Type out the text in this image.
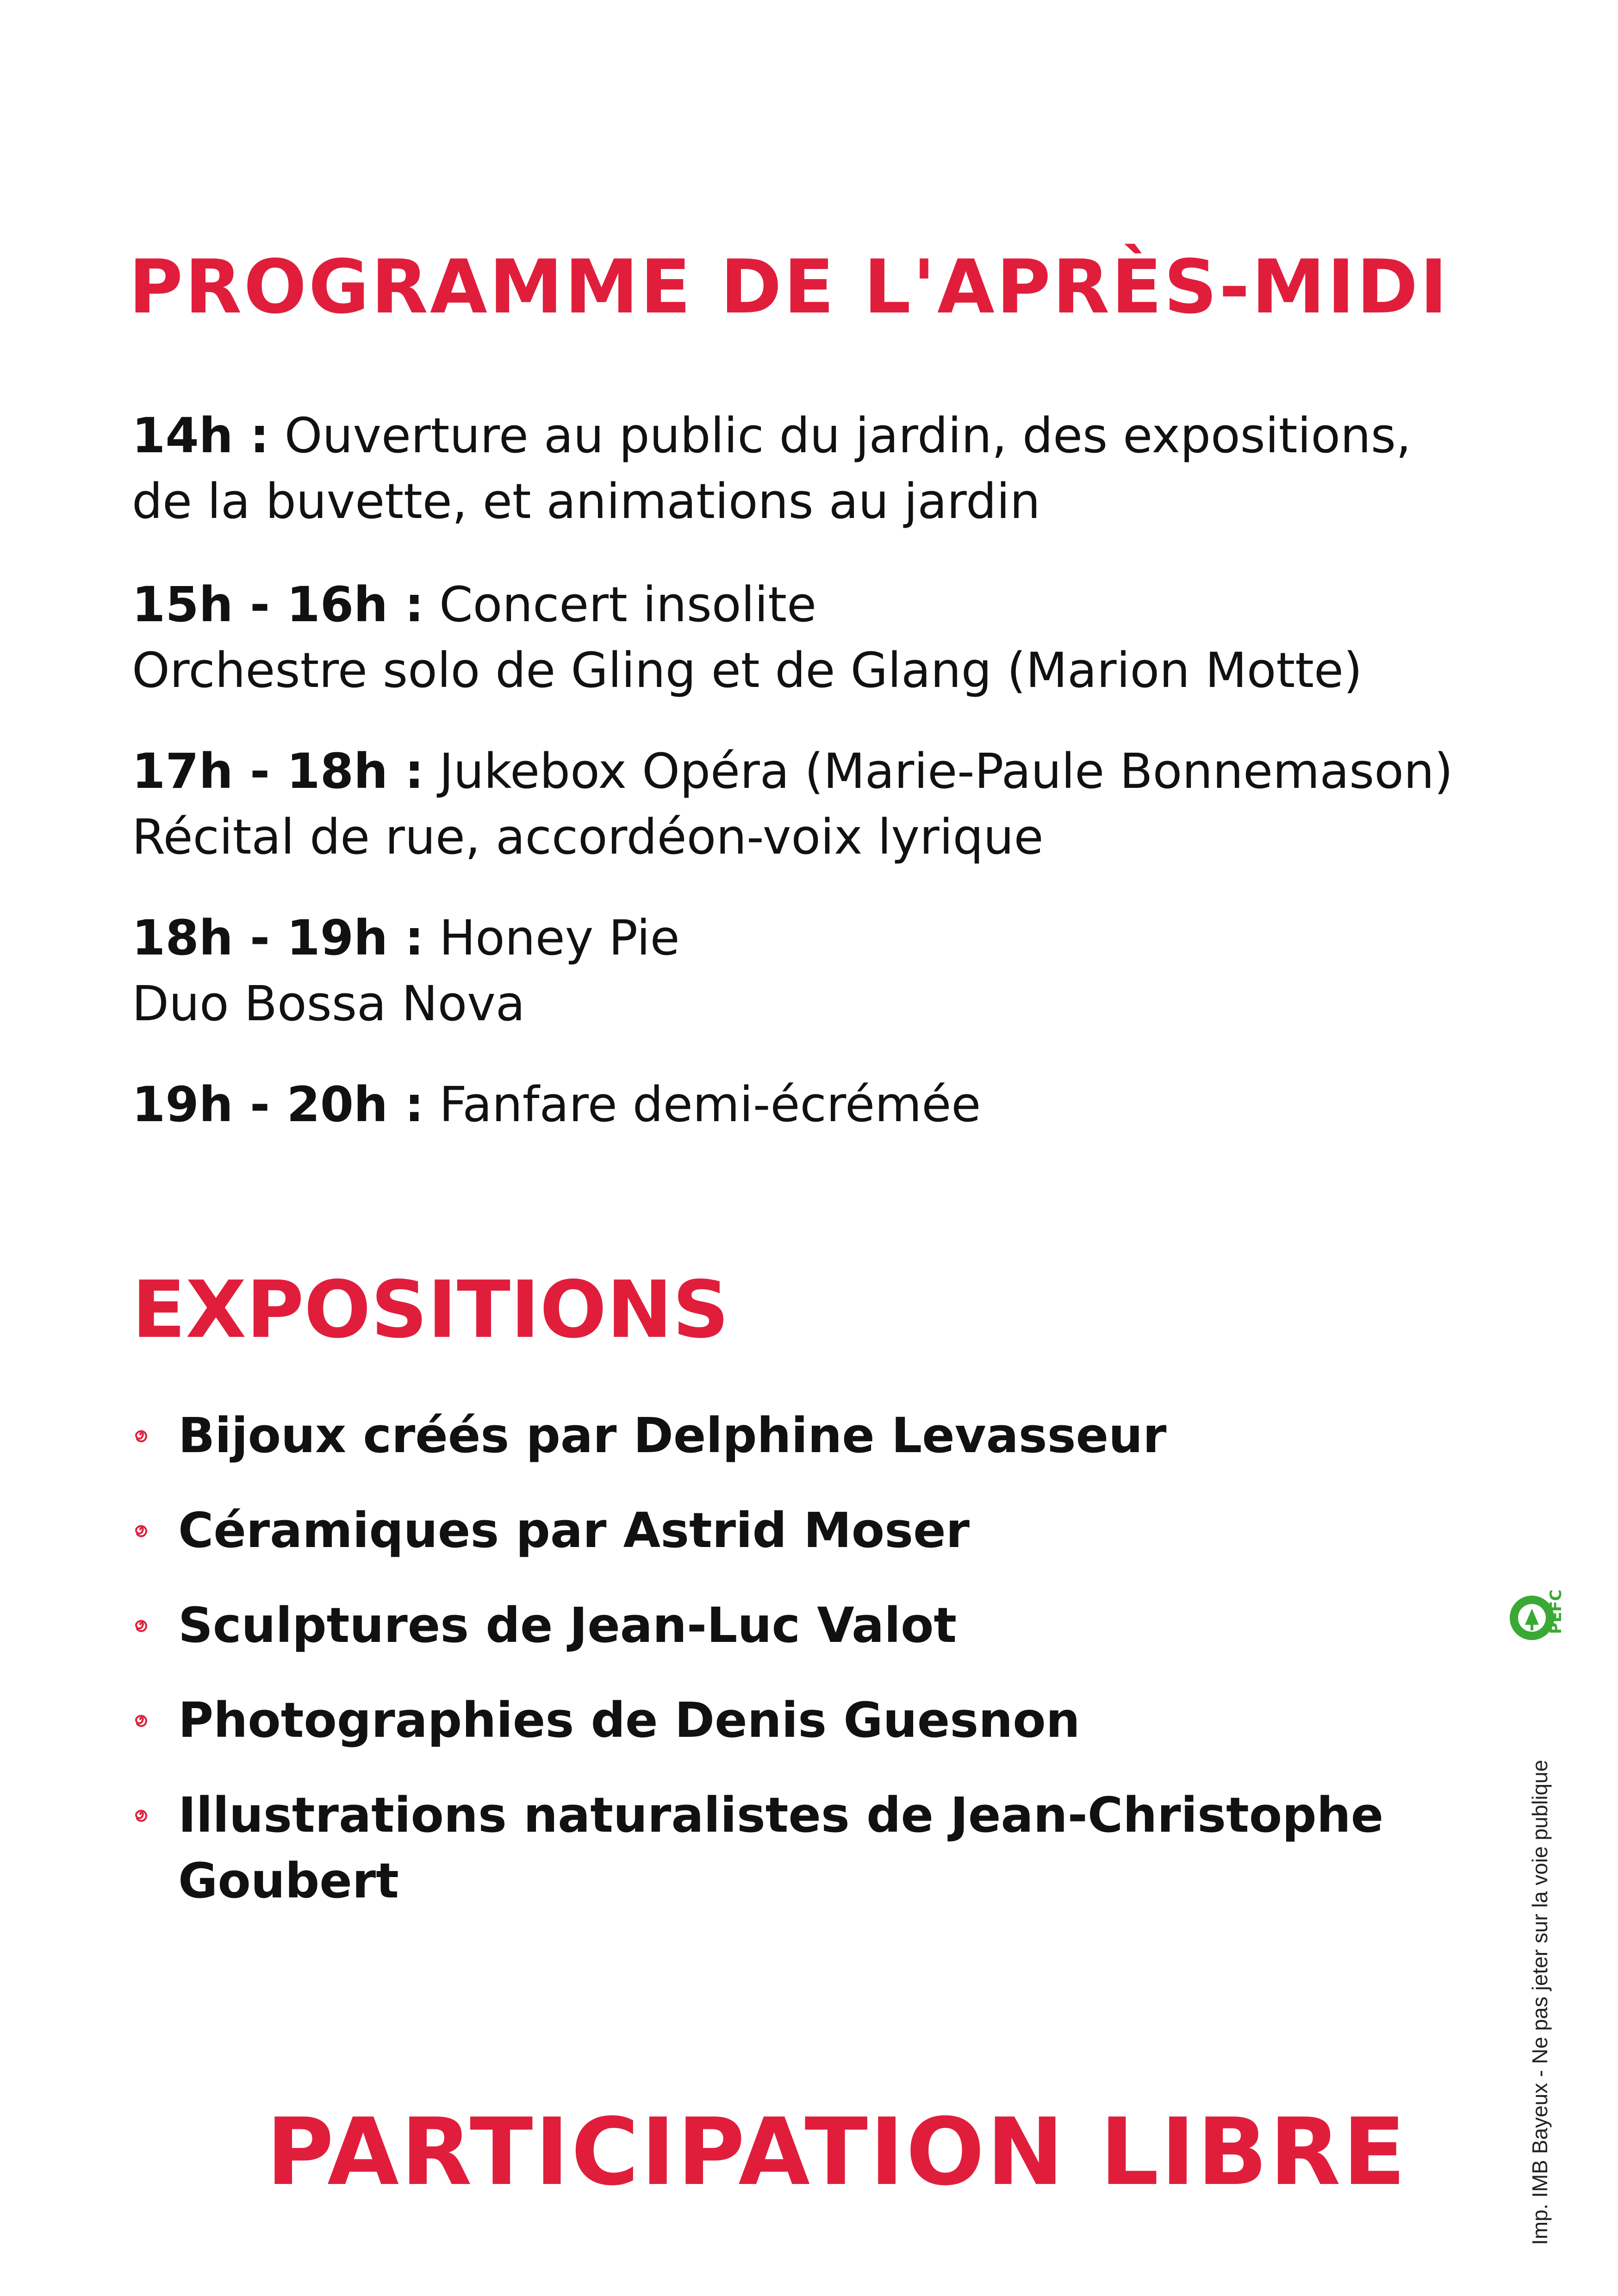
PROGRAMME DE L'APRÈS-MIDI
14h : Ouverture au public du jardin, des expositions,
de la buvette, et animations au jardin
15h - 16h : Concert insolite
Orchestre solo de Gling et de Glang (Marion Motte)
17h - 18h : Jukebox Opéra (Marie-Paule Bonnemason)
Récital de rue, accordéon-voix lyrique
18h - 19h : Honey Pie
Duo Bossa Nova
19h - 20h : Fanfare demi-écrémée
EXPOSITIONS
Bijoux créés par Delphine Levasseur
Céramiques par Astrid Moser
Sculptures de Jean-Luc Valot
Photographies de Denis Guesnon
Illustrations naturalistes de Jean-Christophe
Goubert
PARTICIPATION LIBRE
PEFC
Imp. IMB Bayeux - Ne pas jeter sur la voie publique
